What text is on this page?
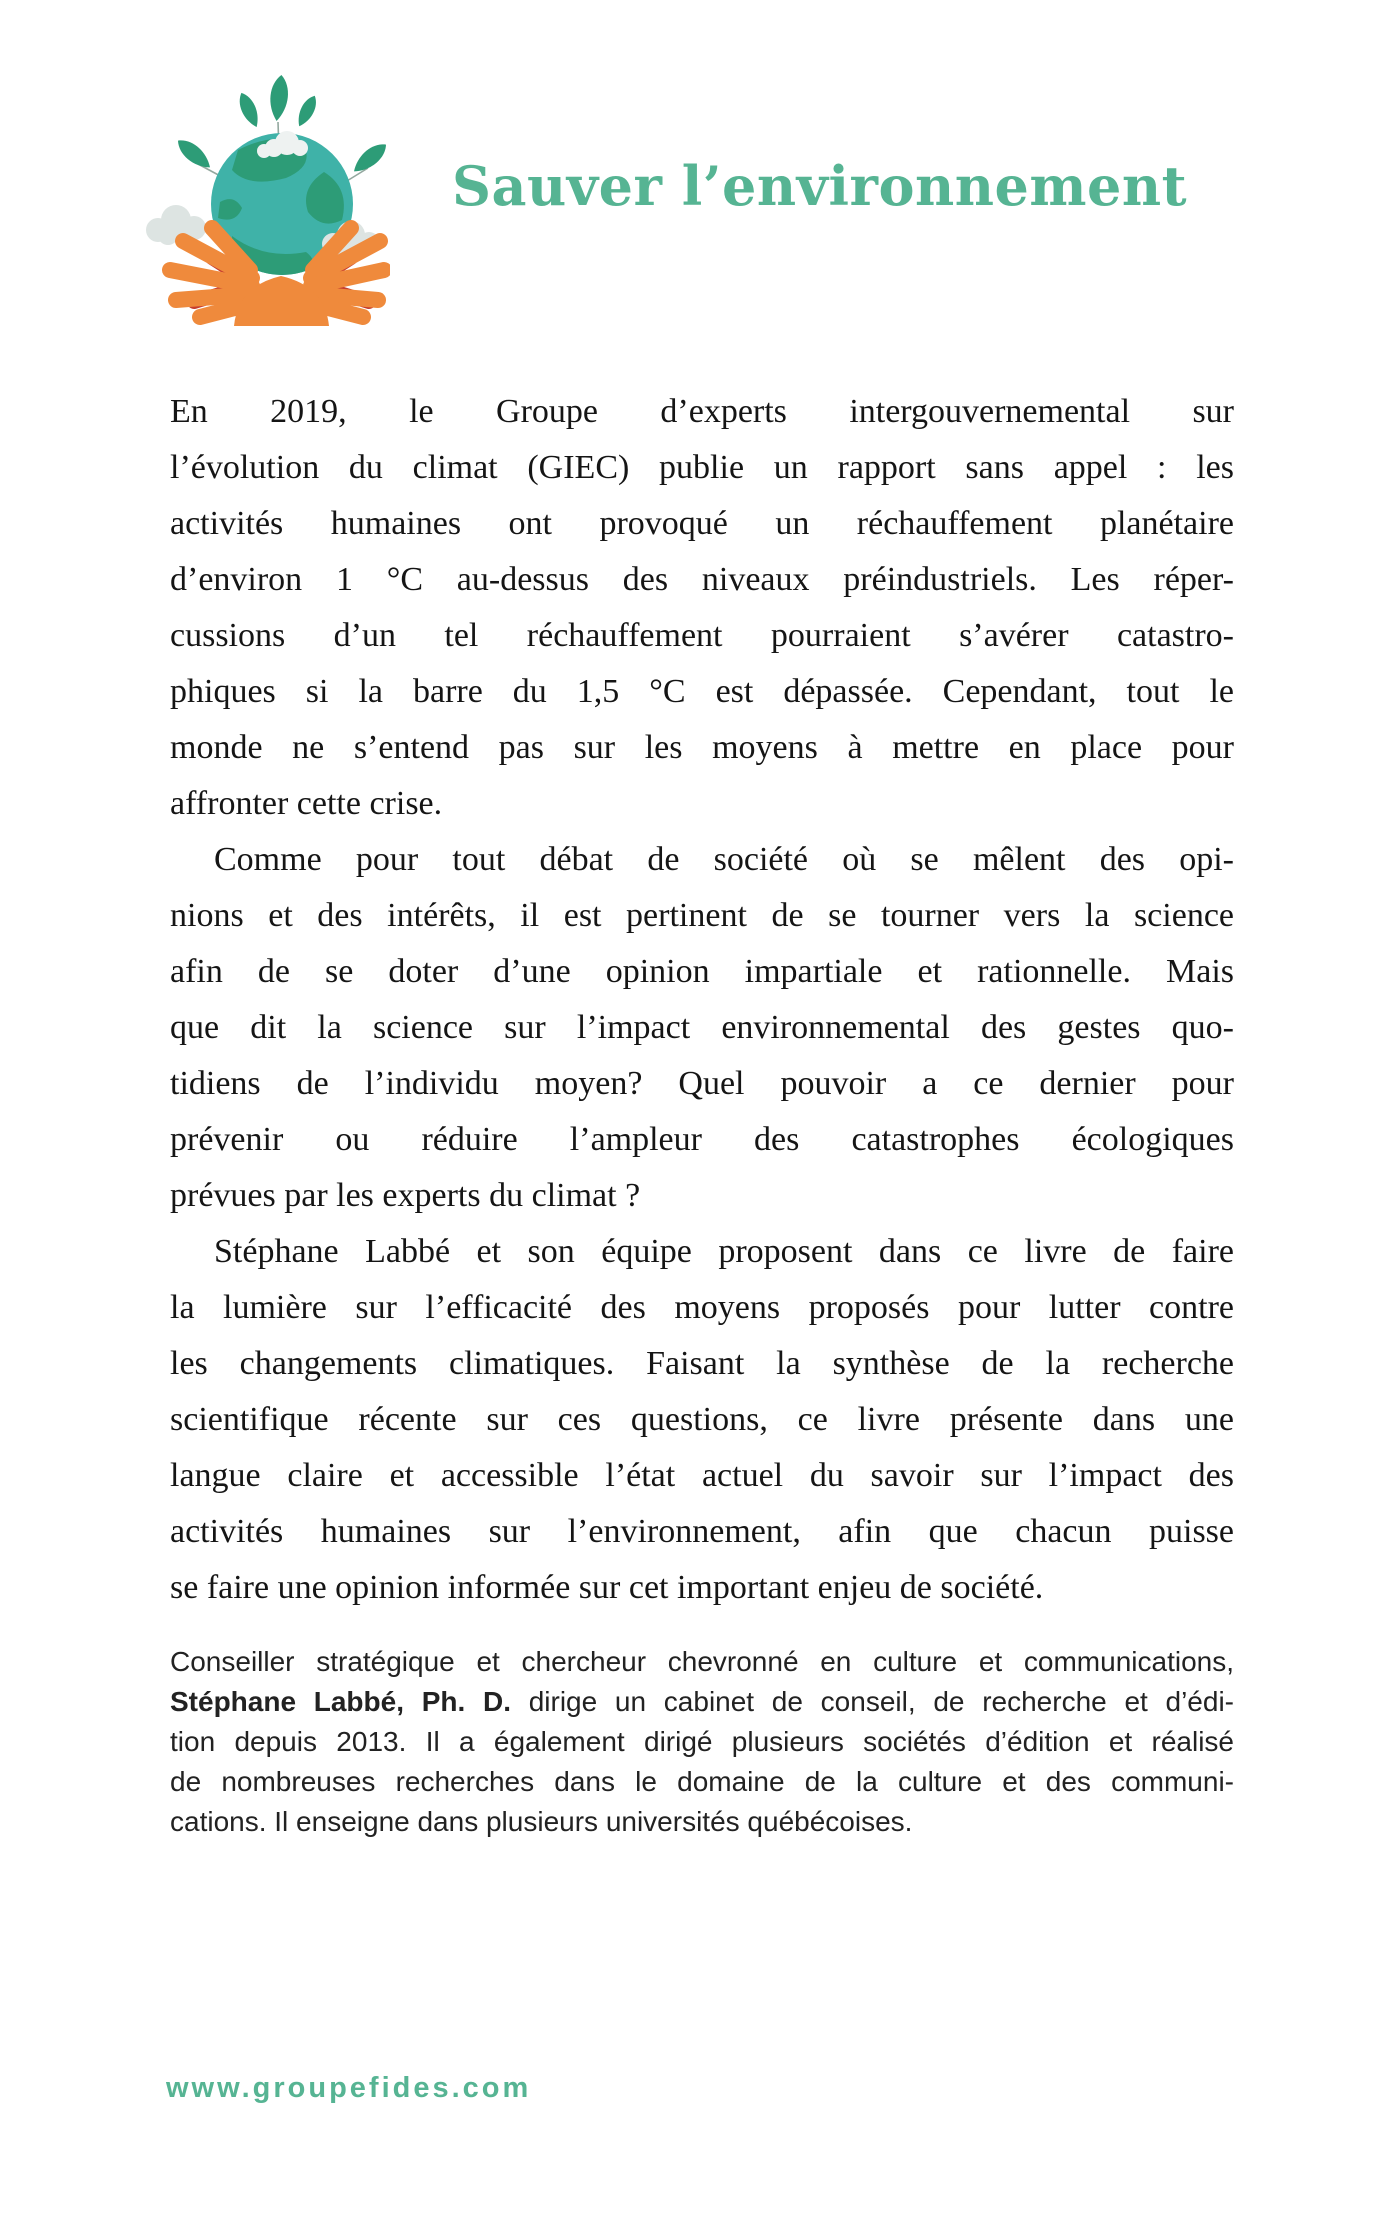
Sauver l’environnement
En 2019, le Groupe d’experts intergouvernemental sur
l’évolution du climat (GIEC) publie un rapport sans appel : les
activités humaines ont provoqué un réchauffement planétaire
d’environ 1 °C au-dessus des niveaux préindustriels. Les réper-
cussions d’un tel réchauffement pourraient s’avérer catastro-
phiques si la barre du 1,5 °C est dépassée. Cependant, tout le
monde ne s’entend pas sur les moyens à mettre en place pour
affronter cette crise.
Comme pour tout débat de société où se mêlent des opi-
nions et des intérêts, il est pertinent de se tourner vers la science
afin de se doter d’une opinion impartiale et rationnelle. Mais
que dit la science sur l’impact environnemental des gestes quo-
tidiens de l’individu moyen? Quel pouvoir a ce dernier pour
prévenir ou réduire l’ampleur des catastrophes écologiques
prévues par les experts du climat ?
Stéphane Labbé et son équipe proposent dans ce livre de faire
la lumière sur l’efficacité des moyens proposés pour lutter contre
les changements climatiques. Faisant la synthèse de la recherche
scientifique récente sur ces questions, ce livre présente dans une
langue claire et accessible l’état actuel du savoir sur l’impact des
activités humaines sur l’environnement, afin que chacun puisse
se faire une opinion informée sur cet important enjeu de société.
Conseiller stratégique et chercheur chevronné en culture et communications,
Stéphane Labbé, Ph. D. dirige un cabinet de conseil, de recherche et d’édi-
tion depuis 2013. Il a également dirigé plusieurs sociétés d’édition et réalisé
de nombreuses recherches dans le domaine de la culture et des communi-
cations. Il enseigne dans plusieurs universités québécoises.
www.groupefides.com
